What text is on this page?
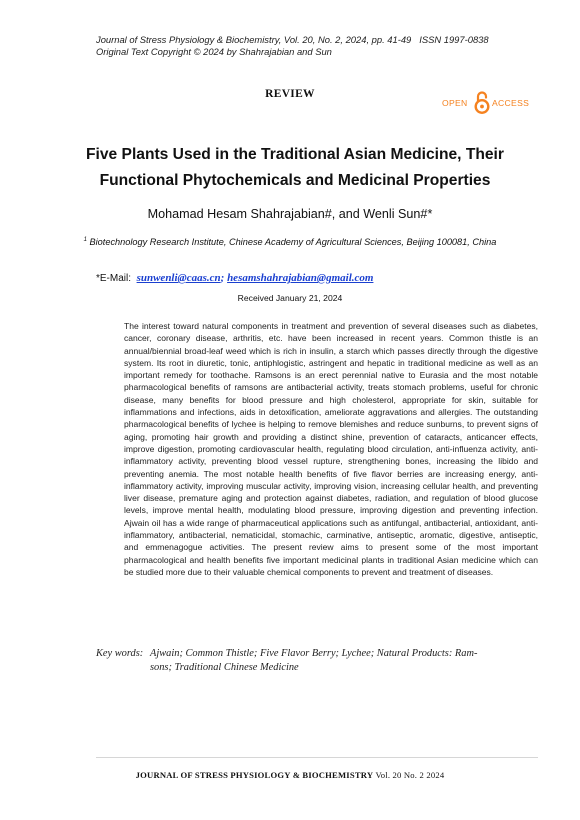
Journal of Stress Physiology & Biochemistry, Vol. 20, No. 2, 2024, pp. 41-49 ISSN 1997-0838
Original Text Copyright © 2024 by Shahrajabian and Sun
REVIEW
OPEN	ACCESS
Five Plants Used in the Traditional Asian Medicine, Their
Functional Phytochemicals and Medicinal Properties
Mohamad Hesam Shahrajabian#, and Wenli Sun#*
$^1$ Biotechnology Research Institute, Chinese Academy of Agricultural Sciences, Beijing 100081, China
*E-Mail: sunwenli@caas.cn; hesamshahrajabian@gmail.com
Received January 21, 2024
The interest toward natural components in treatment and prevention of several diseases such as diabetes, cancer, coronary disease, arthritis, etc. have been increased in recent years. Common thistle is an annual/biennial broad-leaf weed which is rich in insulin, a starch which passes directly through the digestive system. Its root in diuretic, tonic, antiphlogistic, astringent and hepatic in traditional medicine as well as an important remedy for toothache. Ramsons is an erect perennial native to Eurasia and the most notable pharmacological benefits of ramsons are antibacterial activity, treats stomach problems, useful for chronic disease, many benefits for blood pressure and high cholesterol, appropriate for skin, suitable for inflammations and infections, aids in detoxification, ameliorate aggravations and allergies. The outstanding pharmacological benefits of lychee is helping to remove blemishes and reduce sunburns, to prevent signs of aging, promoting hair growth and providing a distinct shine, prevention of cataracts, anticancer effects, improve digestion, promoting cardiovascular health, regulating blood circulation, anti-influenza activity, anti-inflammatory activity, preventing blood vessel rupture, strengthening bones, increasing the libido and preventing anemia. The most notable health benefits of five flavor berries are increasing energy, anti-inflammatory activity, improving muscular activity, improving vision, increasing cellular health, and preventing liver disease, premature aging and protection against diabetes, radiation, and regulation of blood glucose levels, improve mental health, modulating blood pressure, improving digestion and preventing infection. Ajwain oil has a wide range of pharmaceutical applications such as antifungal, antibacterial, antioxidant, anti-inflammatory, antibacterial, nematicidal, stomachic, carminative, antiseptic, aromatic, digestive, antiseptic, and emmenagogue activities. The present review aims to present some of the most important pharmacological and health benefits five important medicinal plants in traditional Asian medicine which can be studied more due to their valuable chemical components to prevent and treatment of diseases.
Key words: Ajwain; Common Thistle; Five Flavor Berry; Lychee; Natural Products: Ram-
sons; Traditional Chinese Medicine
JOURNAL OF STRESS PHYSIOLOGY & BIOCHEMISTRY Vol. 20 No. 2 2024
